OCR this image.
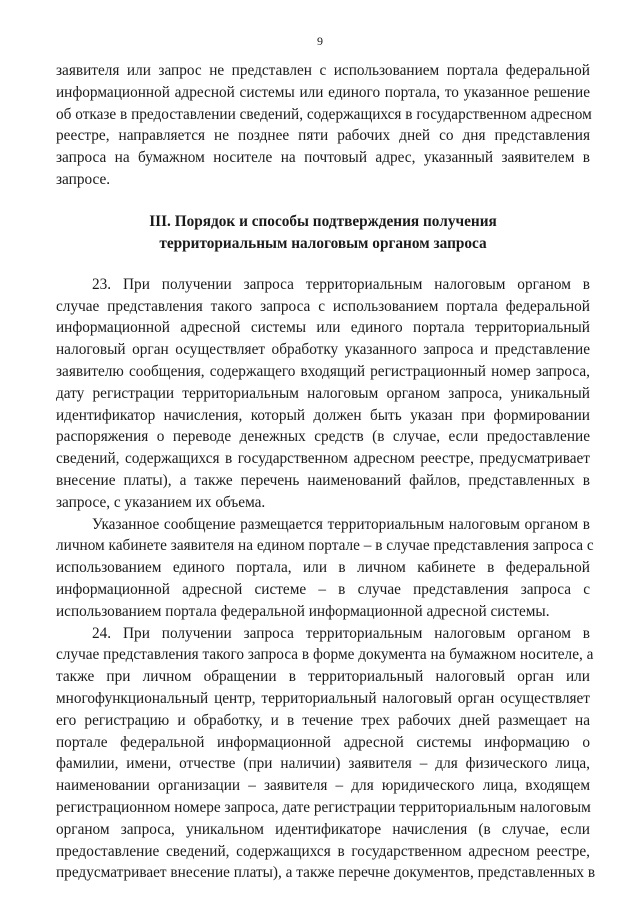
9
заявителя или запрос не представлен с использованием портала федеральной
информационной адресной системы или единого портала, то указанное решение
об отказе в предоставлении сведений, содержащихся в государственном адресном
реестре, направляется не позднее пяти рабочих дней со дня представления
запроса на бумажном носителе на почтовый адрес, указанный заявителем в
запросе.
III. Порядок и способы подтверждения получения
территориальным налоговым органом запроса
23. При получении запроса территориальным налоговым органом в
случае представления такого запроса с использованием портала федеральной
информационной адресной системы или единого портала территориальный
налоговый орган осуществляет обработку указанного запроса и представление
заявителю сообщения, содержащего входящий регистрационный номер запроса,
дату регистрации территориальным налоговым органом запроса, уникальный
идентификатор начисления, который должен быть указан при формировании
распоряжения о переводе денежных средств (в случае, если предоставление
сведений, содержащихся в государственном адресном реестре, предусматривает
внесение платы), а также перечень наименований файлов, представленных в
запросе, с указанием их объема.
Указанное сообщение размещается территориальным налоговым органом в
личном кабинете заявителя на едином портале – в случае представления запроса с
использованием единого портала, или в личном кабинете в федеральной
информационной адресной системе – в случае представления запроса с
использованием портала федеральной информационной адресной системы.
24. При получении запроса территориальным налоговым органом в
случае представления такого запроса в форме документа на бумажном носителе, а
также при личном обращении в территориальный налоговый орган или
многофункциональный центр, территориальный налоговый орган осуществляет
его регистрацию и обработку, и в течение трех рабочих дней размещает на
портале федеральной информационной адресной системы информацию о
фамилии, имени, отчестве (при наличии) заявителя – для физического лица,
наименовании организации – заявителя – для юридического лица, входящем
регистрационном номере запроса, дате регистрации территориальным налоговым
органом запроса, уникальном идентификаторе начисления (в случае, если
предоставление сведений, содержащихся в государственном адресном реестре,
предусматривает внесение платы), а также перечне документов, представленных в
